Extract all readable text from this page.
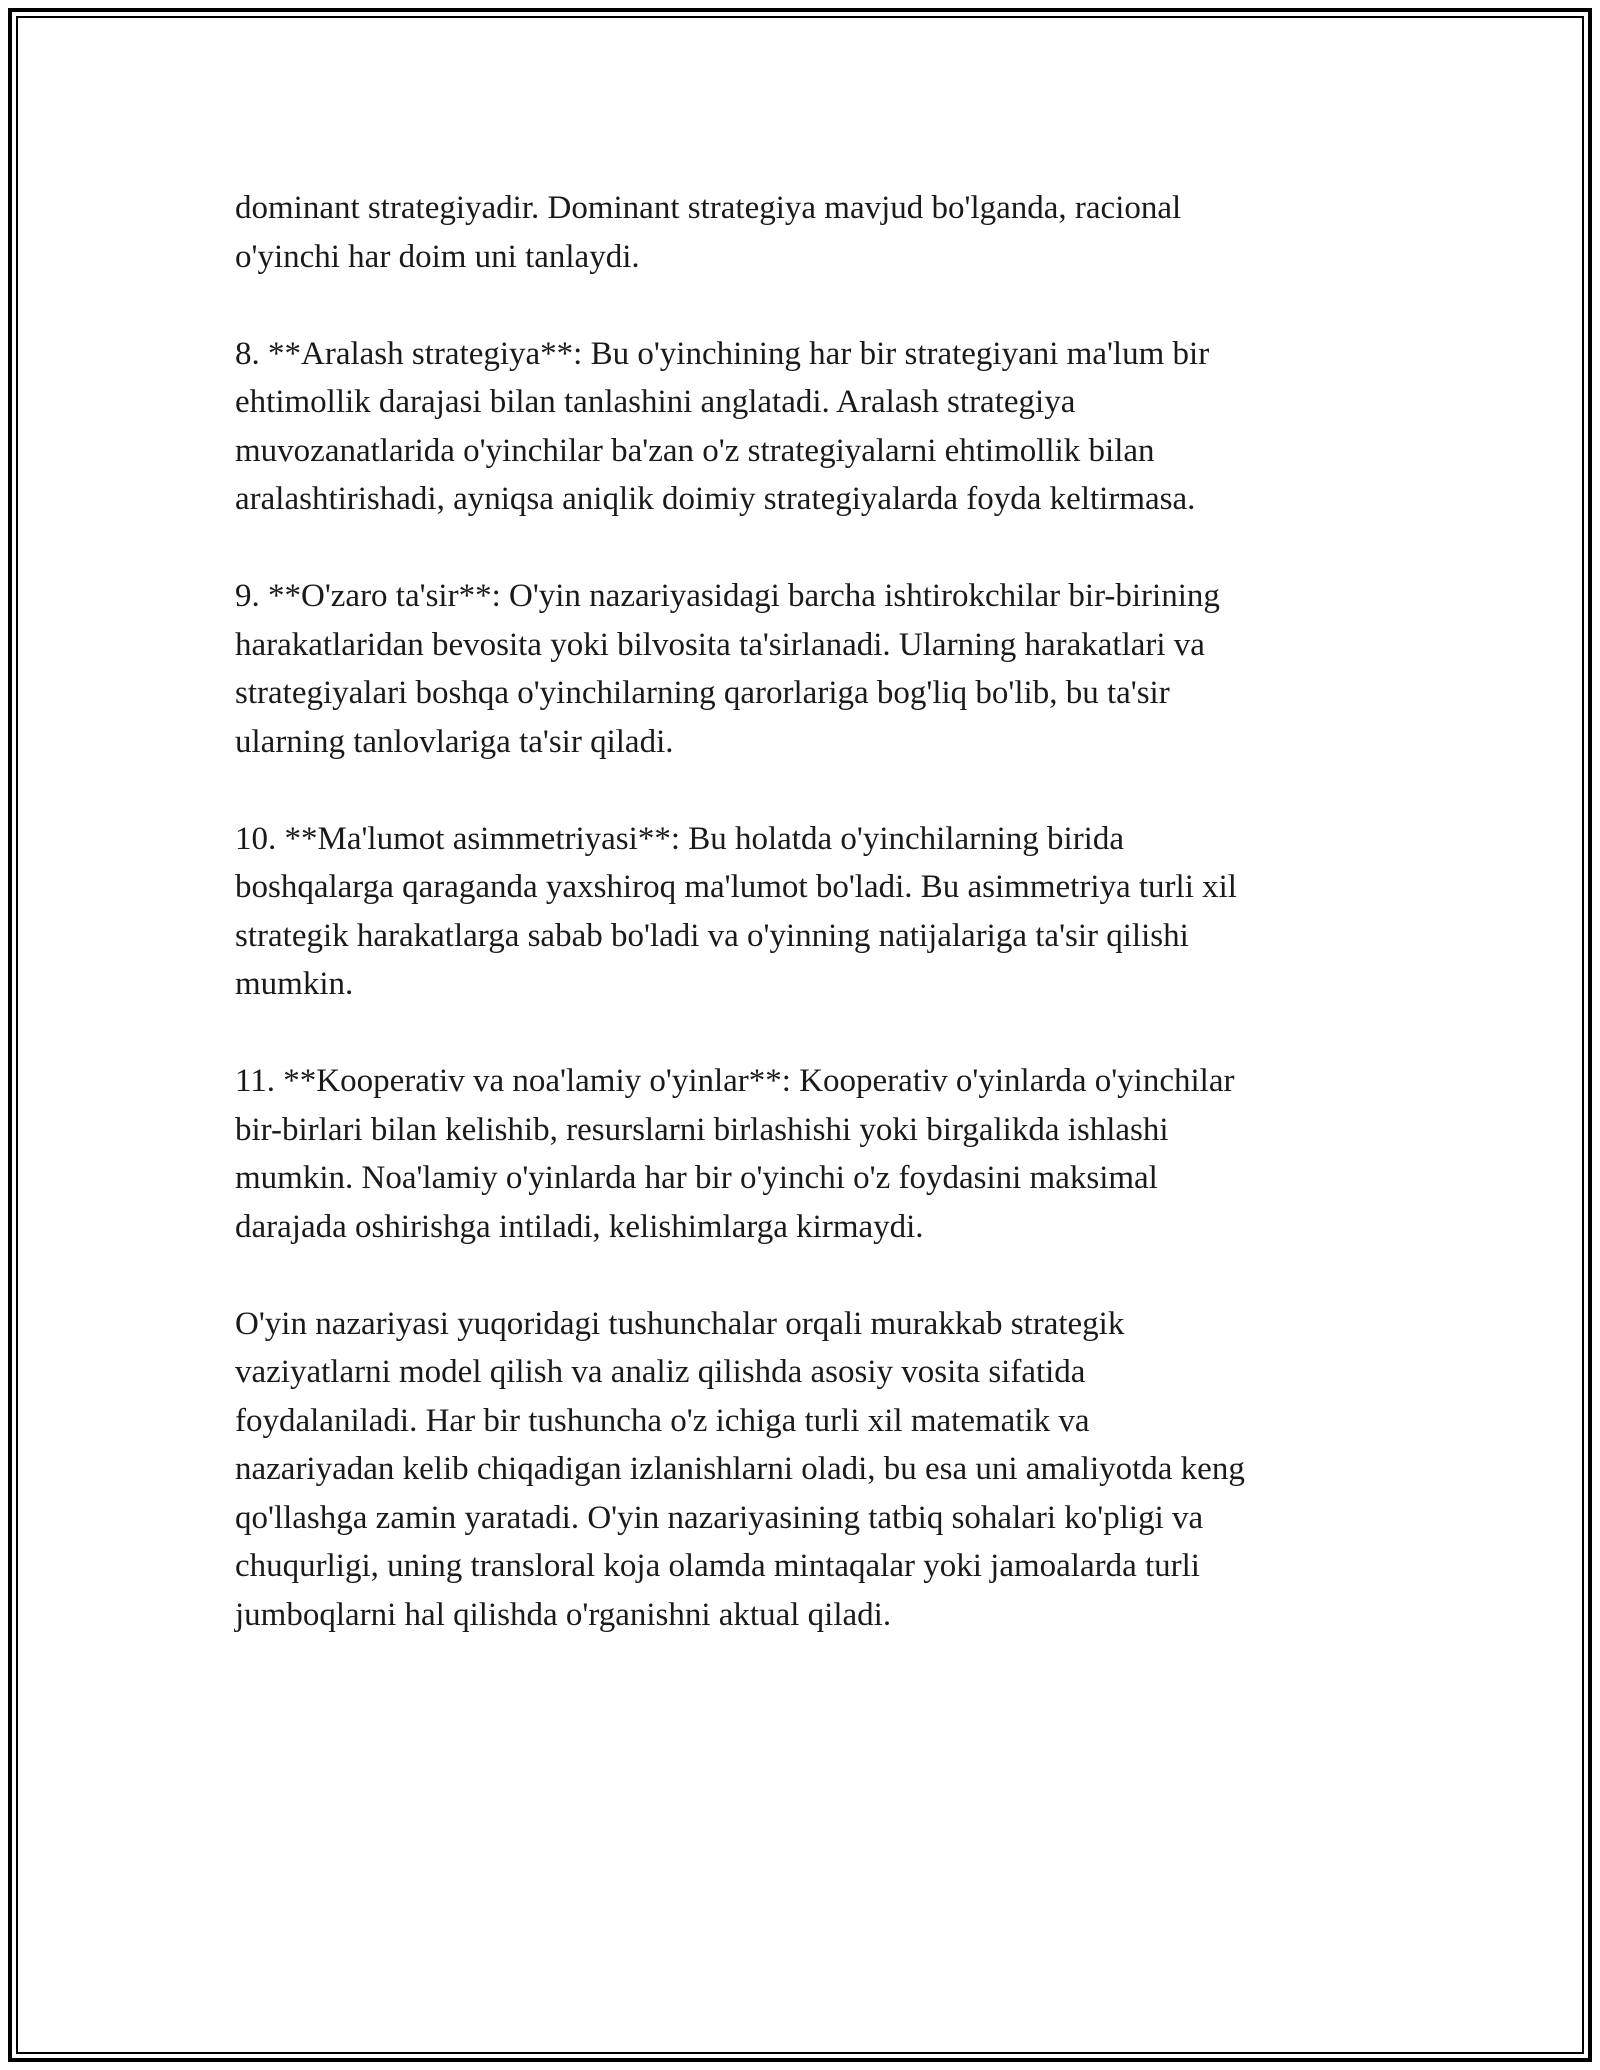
dominant strategiyadir. Dominant strategiya mavjud bo'lganda, racional
o'yinchi har doim uni tanlaydi.

8. **Aralash strategiya**: Bu o'yinchining har bir strategiyani ma'lum bir
ehtimollik darajasi bilan tanlashini anglatadi. Aralash strategiya
muvozanatlarida o'yinchilar ba'zan o'z strategiyalarni ehtimollik bilan
aralashtirishadi, ayniqsa aniqlik doimiy strategiyalarda foyda keltirmasa.

9. **O'zaro ta'sir**: O'yin nazariyasidagi barcha ishtirokchilar bir-birining
harakatlaridan bevosita yoki bilvosita ta'sirlanadi. Ularning harakatlari va
strategiyalari boshqa o'yinchilarning qarorlariga bog'liq bo'lib, bu ta'sir
ularning tanlovlariga ta'sir qiladi.

10. **Ma'lumot asimmetriyasi**: Bu holatda o'yinchilarning birida
boshqalarga qaraganda yaxshiroq ma'lumot bo'ladi. Bu asimmetriya turli xil
strategik harakatlarga sabab bo'ladi va o'yinning natijalariga ta'sir qilishi
mumkin.

11. **Kooperativ va noa'lamiy o'yinlar**: Kooperativ o'yinlarda o'yinchilar
bir-birlari bilan kelishib, resurslarni birlashishi yoki birgalikda ishlashi
mumkin. Noa'lamiy o'yinlarda har bir o'yinchi o'z foydasini maksimal
darajada oshirishga intiladi, kelishimlarga kirmaydi.

O'yin nazariyasi yuqoridagi tushunchalar orqali murakkab strategik
vaziyatlarni model qilish va analiz qilishda asosiy vosita sifatida
foydalaniladi. Har bir tushuncha o'z ichiga turli xil matematik va
nazariyadan kelib chiqadigan izlanishlarni oladi, bu esa uni amaliyotda keng
qo'llashga zamin yaratadi. O'yin nazariyasining tatbiq sohalari ko'pligi va
chuqurligi, uning transloral koja olamda mintaqalar yoki jamoalarda turli
jumboqlarni hal qilishda o'rganishni aktual qiladi.
